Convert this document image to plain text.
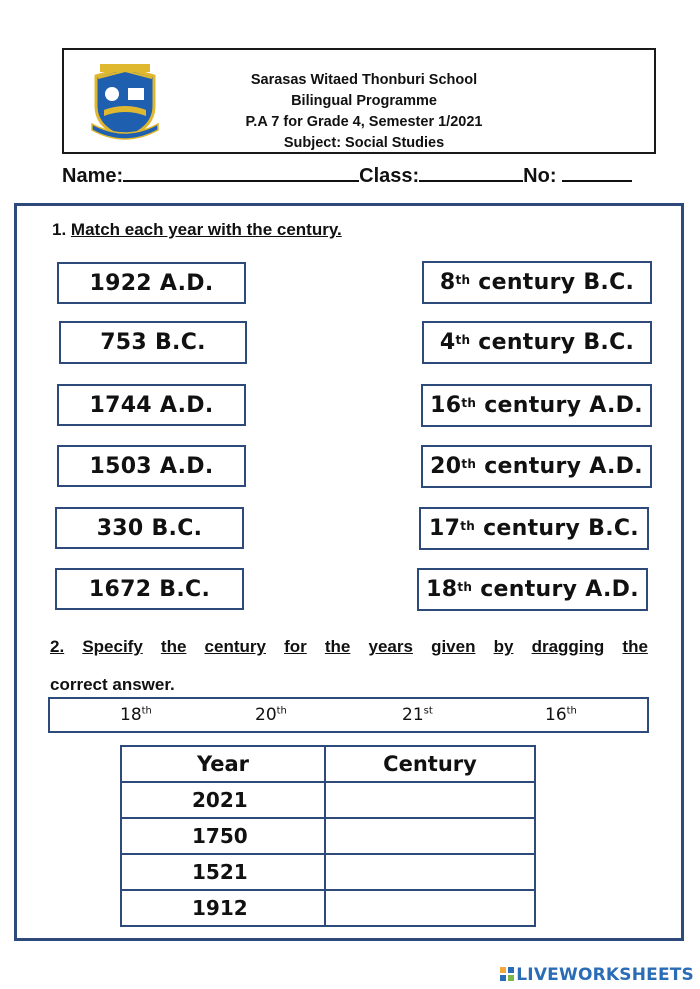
Sarasas Witaed Thonburi School
Bilingual Programme
P.A 7 for Grade 4, Semester 1/2021
Subject: Social Studies
Name:	Class:	No:
1. Match each year with the century.
1922 A.D.
753 B.C.
1744 A.D.
1503 A.D.
330 B.C.
1672 B.C.
8th century B.C.
4th century B.C.
16th century A.D.
20th century A.D.
17th century B.C.
18th century A.D.
2. Specify the century for the years given by dragging the
correct answer.
18th	20th	21st	16th
Year	Century
2021	
1750	
1521	
1912	
LIVEWORKSHEETS
